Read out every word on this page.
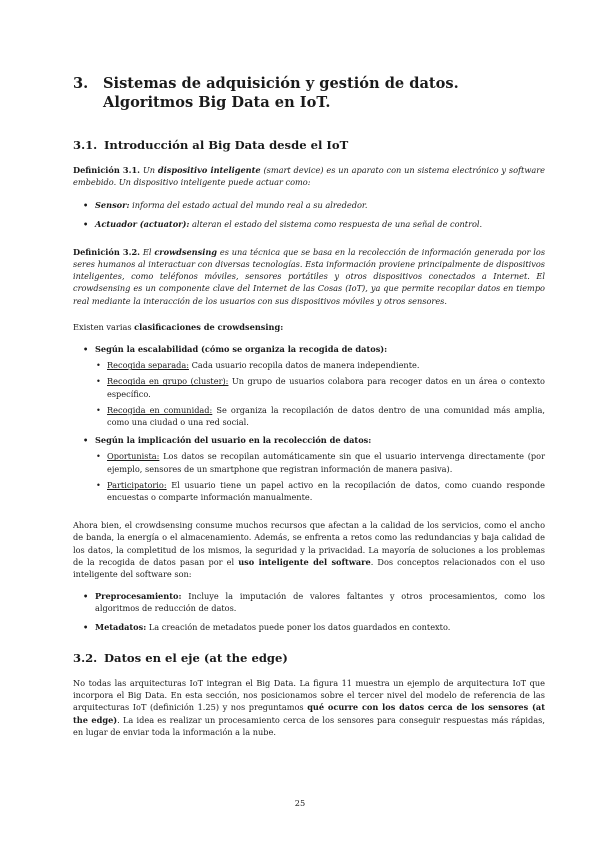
3.	Sistemas de adquisición y gestión de datos. Algoritmos Big Data en IoT.
3.1. Introducción al Big Data desde el IoT

Definición 3.1. Un dispositivo inteligente (smart device) es un aparato con un sistema electrónico y software embebido. Un dispositivo inteligente puede actuar como:

• Sensor: informa del estado actual del mundo real a su alrededor.
• Actuador (actuator): alteran el estado del sistema como respuesta de una señal de control.

Definición 3.2. El crowdsensing es una técnica que se basa en la recolección de información generada por los seres humanos al interactuar con diversas tecnologías. Esta información proviene principalmente de dispositivos inteligentes, como teléfonos móviles, sensores portátiles y otros dispositivos conectados a Internet. El crowdsensing es un componente clave del Internet de las Cosas (IoT), ya que permite recopilar datos en tiempo real mediante la interacción de los usuarios con sus dispositivos móviles y otros sensores.

Existen varias clasificaciones de crowdsensing:

• Según la escalabilidad (cómo se organiza la recogida de datos):
• Recogida separada: Cada usuario recopila datos de manera independiente.
• Recogida en grupo (cluster): Un grupo de usuarios colabora para recoger datos en un área o contexto específico.
• Recogida en comunidad: Se organiza la recopilación de datos dentro de una comunidad más amplia, como una ciudad o una red social.
• Según la implicación del usuario en la recolección de datos:
• Oportunista: Los datos se recopilan automáticamente sin que el usuario intervenga directamente (por ejemplo, sensores de un smartphone que registran información de manera pasiva).
• Participatorio: El usuario tiene un papel activo en la recopilación de datos, como cuando responde encuestas o comparte información manualmente.

Ahora bien, el crowdsensing consume muchos recursos que afectan a la calidad de los servicios, como el ancho de banda, la energía o el almacenamiento. Además, se enfrenta a retos como las redundancias y baja calidad de los datos, la completitud de los mismos, la seguridad y la privacidad. La mayoría de soluciones a los problemas de la recogida de datos pasan por el uso inteligente del software. Dos conceptos relacionados con el uso inteligente del software son:

• Preprocesamiento: Incluye la imputación de valores faltantes y otros procesamientos, como los algoritmos de reducción de datos.
• Metadatos: La creación de metadatos puede poner los datos guardados en contexto.
3.2. Datos en el eje (at the edge)

No todas las arquitecturas IoT integran el Big Data. La figura 11 muestra un ejemplo de arquitectura IoT que incorpora el Big Data. En esta sección, nos posicionamos sobre el tercer nivel del modelo de referencia de las arquitecturas IoT (definición 1.25) y nos preguntamos qué ocurre con los datos cerca de los sensores (at the edge). La idea es realizar un procesamiento cerca de los sensores para conseguir respuestas más rápidas, en lugar de enviar toda la información a la nube.

25
